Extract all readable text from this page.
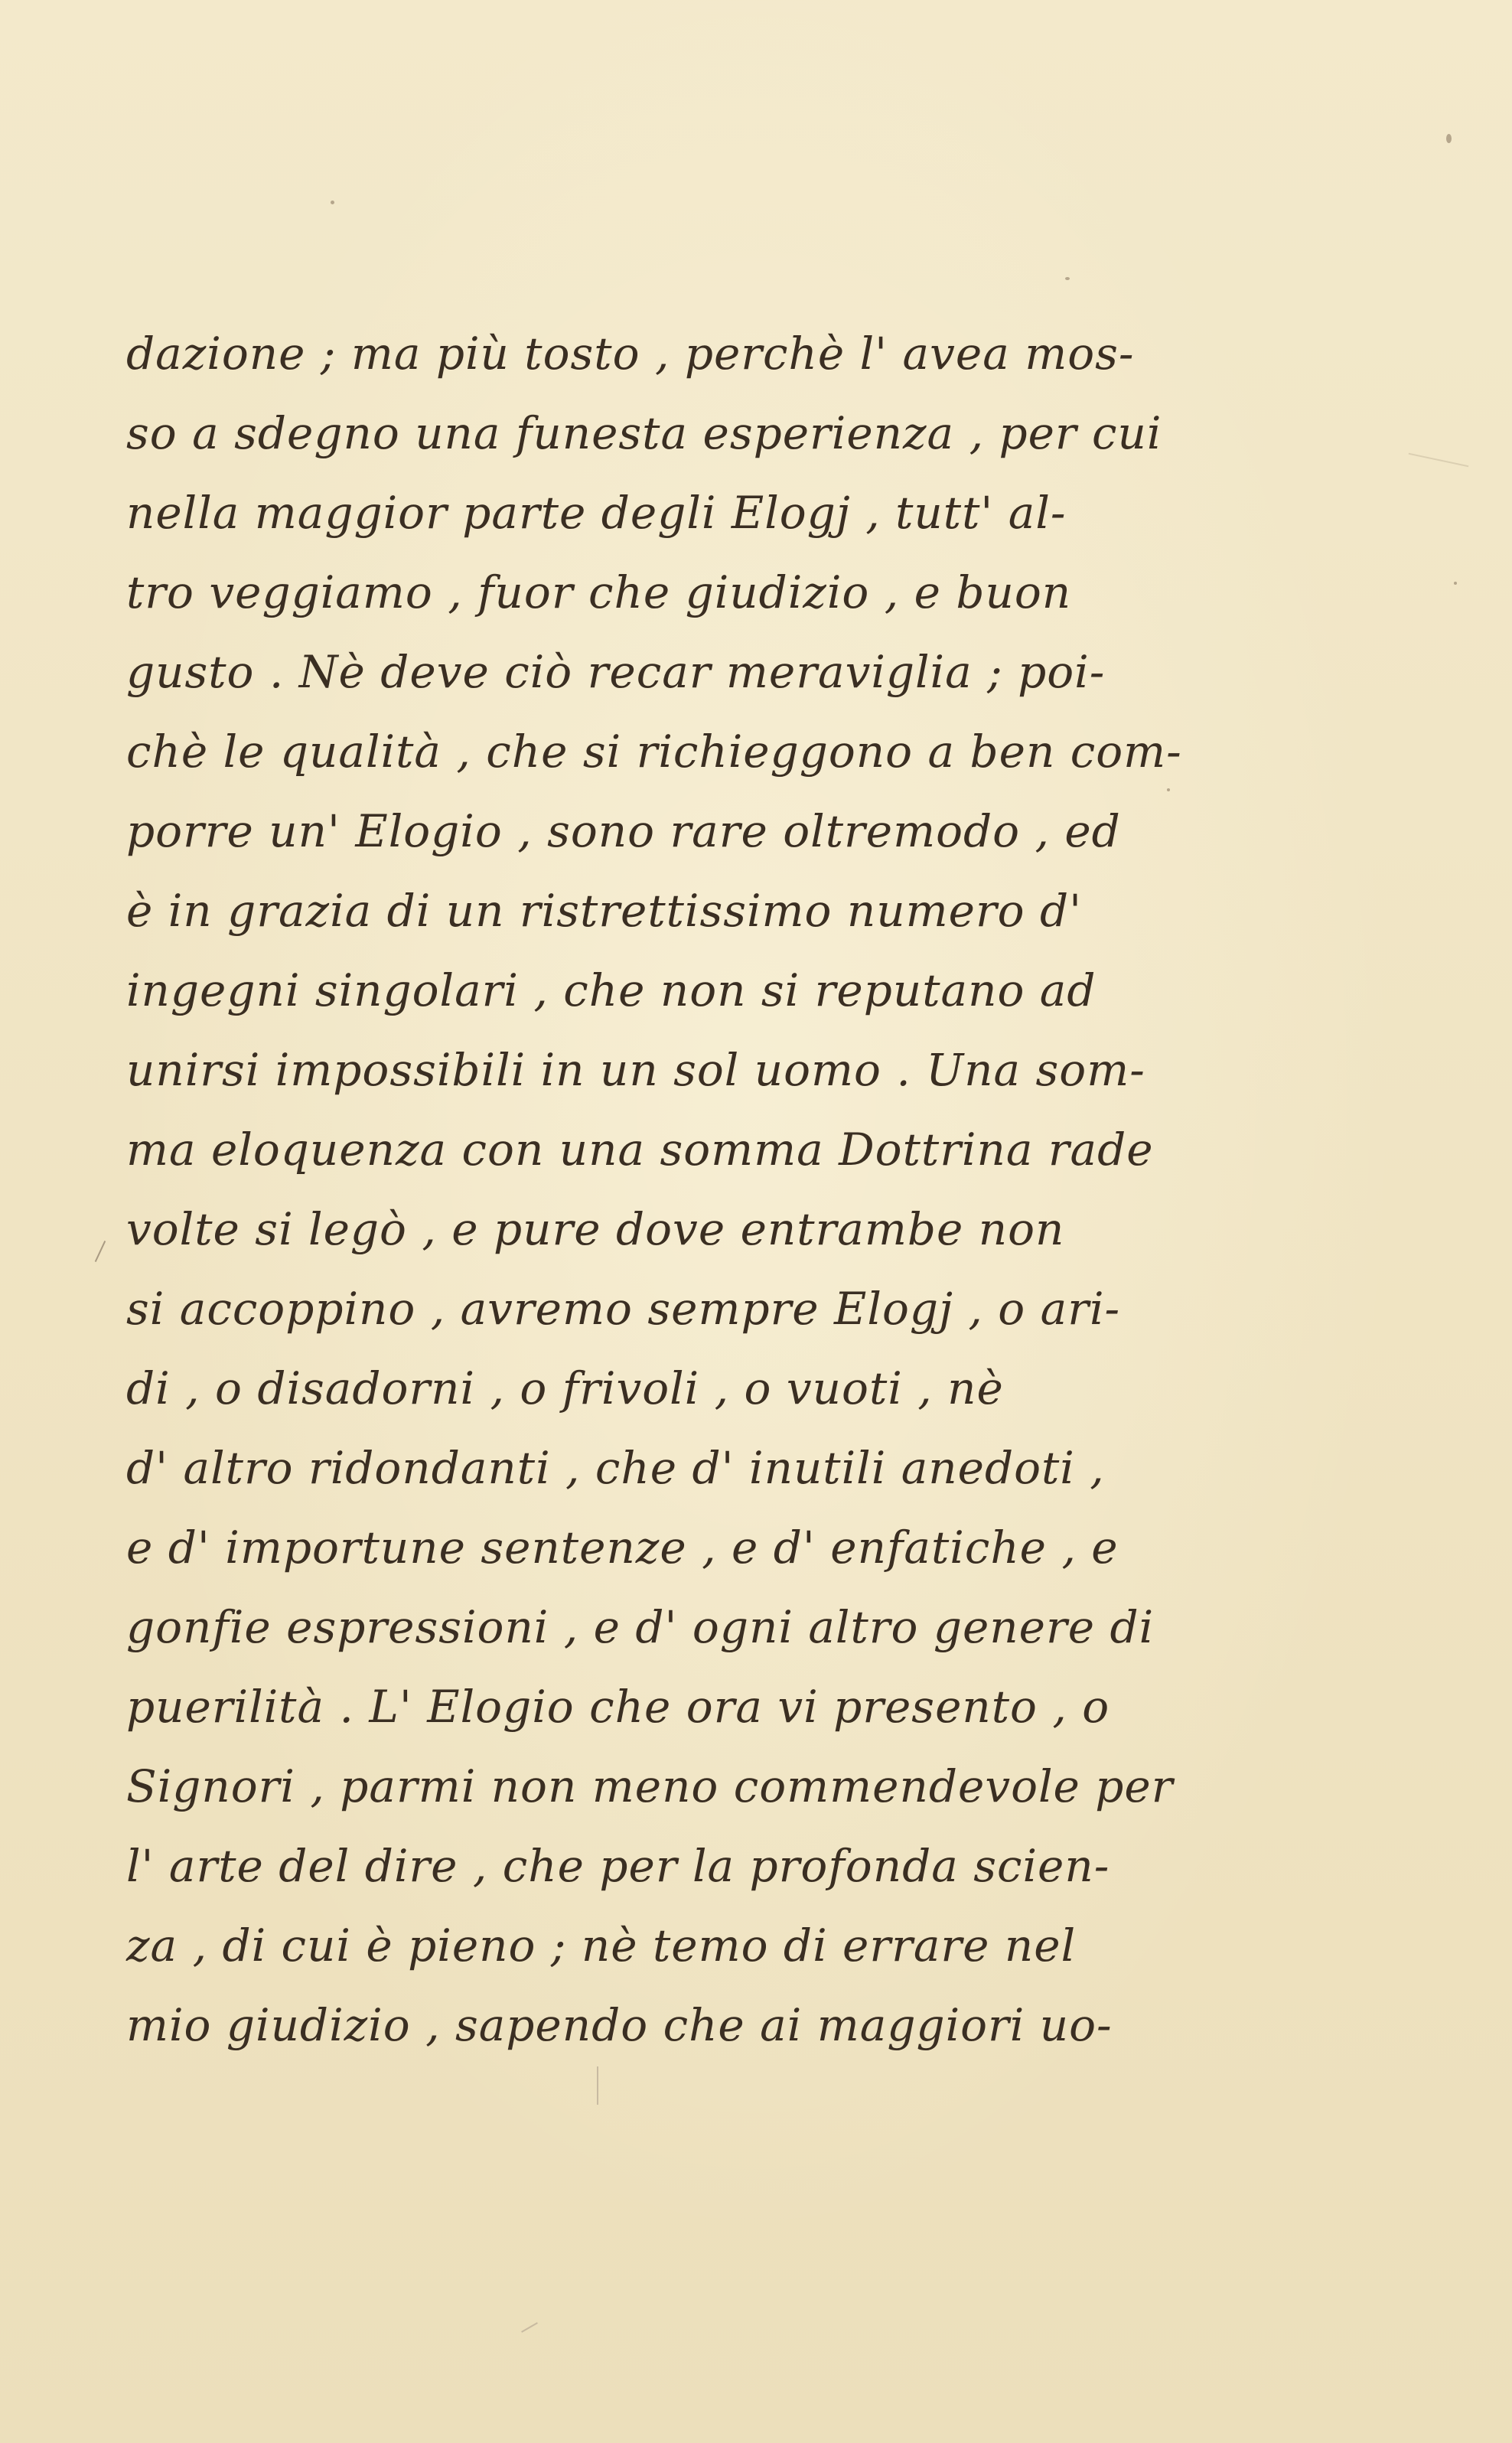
dazione ; ma più tosto , perchè l' avea mos-
so a sdegno una funesta esperienza , per cui
nella maggior parte degli Elogj , tutt' al-
tro veggiamo , fuor che giudizio , e buon
gusto . Nè deve ciò recar meraviglia ; poi-
chè le qualità , che si richieggono a ben com-
porre un' Elogio , sono rare oltremodo , ed
è in grazia di un ristrettissimo numero d'
ingegni singolari , che non si reputano ad
unirsi impossibili in un sol uomo . Una som-
ma eloquenza con una somma Dottrina rade
volte si legò , e pure dove entrambe non
si accoppino , avremo sempre Elogj , o ari-
di , o disadorni , o frivoli , o vuoti , nè
d' altro ridondanti , che d' inutili anedoti ,
e d' importune sentenze , e d' enfatiche , e
gonfie espressioni , e d' ogni altro genere di
puerilità . L' Elogio che ora vi presento , o
Signori , parmi non meno commendevole per
l' arte del dire , che per la profonda scien-
za , di cui è pieno ; nè temo di errare nel
mio giudizio , sapendo che ai maggiori uo-
